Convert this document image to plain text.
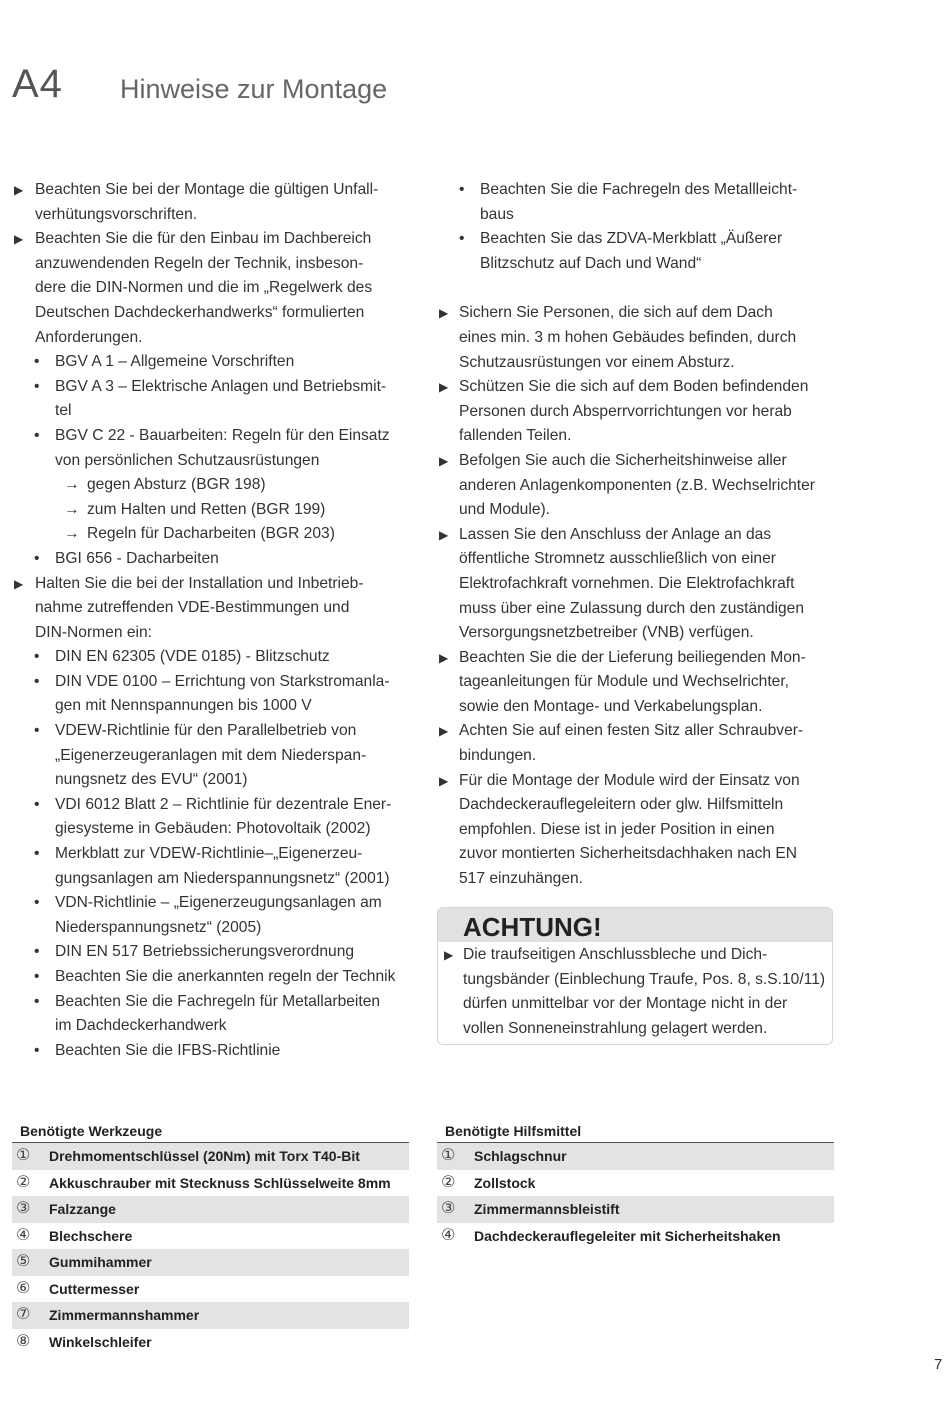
A4 Hinweise zur Montage
▶ Beachten Sie bei der Montage die gültigen Unfall-
verhütungsvorschriften.
▶ Beachten Sie die für den Einbau im Dachbereich
anzuwendenden Regeln der Technik, insbeson-
dere die DIN-Normen und die im „Regelwerk des
Deutschen Dachdeckerhandwerks“ formulierten
Anforderungen.
• BGV A 1 – Allgemeine Vorschriften
• BGV A 3 – Elektrische Anlagen und Betriebsmit-
tel
• BGV C 22 - Bauarbeiten: Regeln für den Einsatz
von persönlichen Schutzausrüstungen
→ gegen Absturz (BGR 198)
→ zum Halten und Retten (BGR 199)
→ Regeln für Dacharbeiten (BGR 203)
• BGI 656 - Dacharbeiten
▶ Halten Sie die bei der Installation und Inbetrieb-
nahme zutreffenden VDE-Bestimmungen und
DIN-Normen ein:
• DIN EN 62305 (VDE 0185) - Blitzschutz
• DIN VDE 0100 – Errichtung von Starkstromanla-
gen mit Nennspannungen bis 1000 V
• VDEW-Richtlinie für den Parallelbetrieb von
„Eigenerzeugeranlagen mit dem Niederspan-
nungsnetz des EVU“ (2001)
• VDI 6012 Blatt 2 – Richtlinie für dezentrale Ener-
giesysteme in Gebäuden: Photovoltaik (2002)
• Merkblatt zur VDEW-Richtlinie–„Eigenerzeu-
gungsanlagen am Niederspannungsnetz“ (2001)
• VDN-Richtlinie – „Eigenerzeugungsanlagen am
Niederspannungsnetz“ (2005)
• DIN EN 517 Betriebssicherungsverordnung
• Beachten Sie die anerkannten regeln der Technik
• Beachten Sie die Fachregeln für Metallarbeiten
im Dachdeckerhandwerk
• Beachten Sie die IFBS-Richtlinie
• Beachten Sie die Fachregeln des Metallleicht-
baus
• Beachten Sie das ZDVA-Merkblatt „Äußerer
Blitzschutz auf Dach und Wand“
▶ Sichern Sie Personen, die sich auf dem Dach
eines min. 3 m hohen Gebäudes befinden, durch
Schutzausrüstungen vor einem Absturz.
▶ Schützen Sie die sich auf dem Boden befindenden
Personen durch Absperrvorrichtungen vor herab
fallenden Teilen.
▶ Befolgen Sie auch die Sicherheitshinweise aller
anderen Anlagenkomponenten (z.B. Wechselrichter
und Module).
▶ Lassen Sie den Anschluss der Anlage an das
öffentliche Stromnetz ausschließlich von einer
Elektrofachkraft vornehmen. Die Elektrofachkraft
muss über eine Zulassung durch den zuständigen
Versorgungsnetzbetreiber (VNB) verfügen.
▶ Beachten Sie die der Lieferung beiliegenden Mon-
tageanleitungen für Module und Wechselrichter,
sowie den Montage- und Verkabelungsplan.
▶ Achten Sie auf einen festen Sitz aller Schraubver-
bindungen.
▶ Für die Montage der Module wird der Einsatz von
Dachdeckerauflegeleitern oder glw. Hilfsmitteln
empfohlen. Diese ist in jeder Position in einen
zuvor montierten Sicherheitsdachhaken nach EN
517 einzuhängen.
ACHTUNG!
▶ Die traufseitigen Anschlussbleche und Dich-
tungsbänder (Einblechung Traufe, Pos. 8, s.S.10/11)
dürfen unmittelbar vor der Montage nicht in der
vollen Sonneneinstrahlung gelagert werden.
Benötigte Werkzeuge
① Drehmomentschlüssel (20Nm) mit Torx T40-Bit
② Akkuschrauber mit Stecknuss Schlüsselweite 8mm
③ Falzzange
④ Blechschere
⑤ Gummihammer
⑥ Cuttermesser
⑦ Zimmermannshammer
⑧ Winkelschleifer
Benötigte Hilfsmittel
① Schlagschnur
② Zollstock
③ Zimmermannsbleistift
④ Dachdeckerauflegeleiter mit Sicherheitshaken
7
